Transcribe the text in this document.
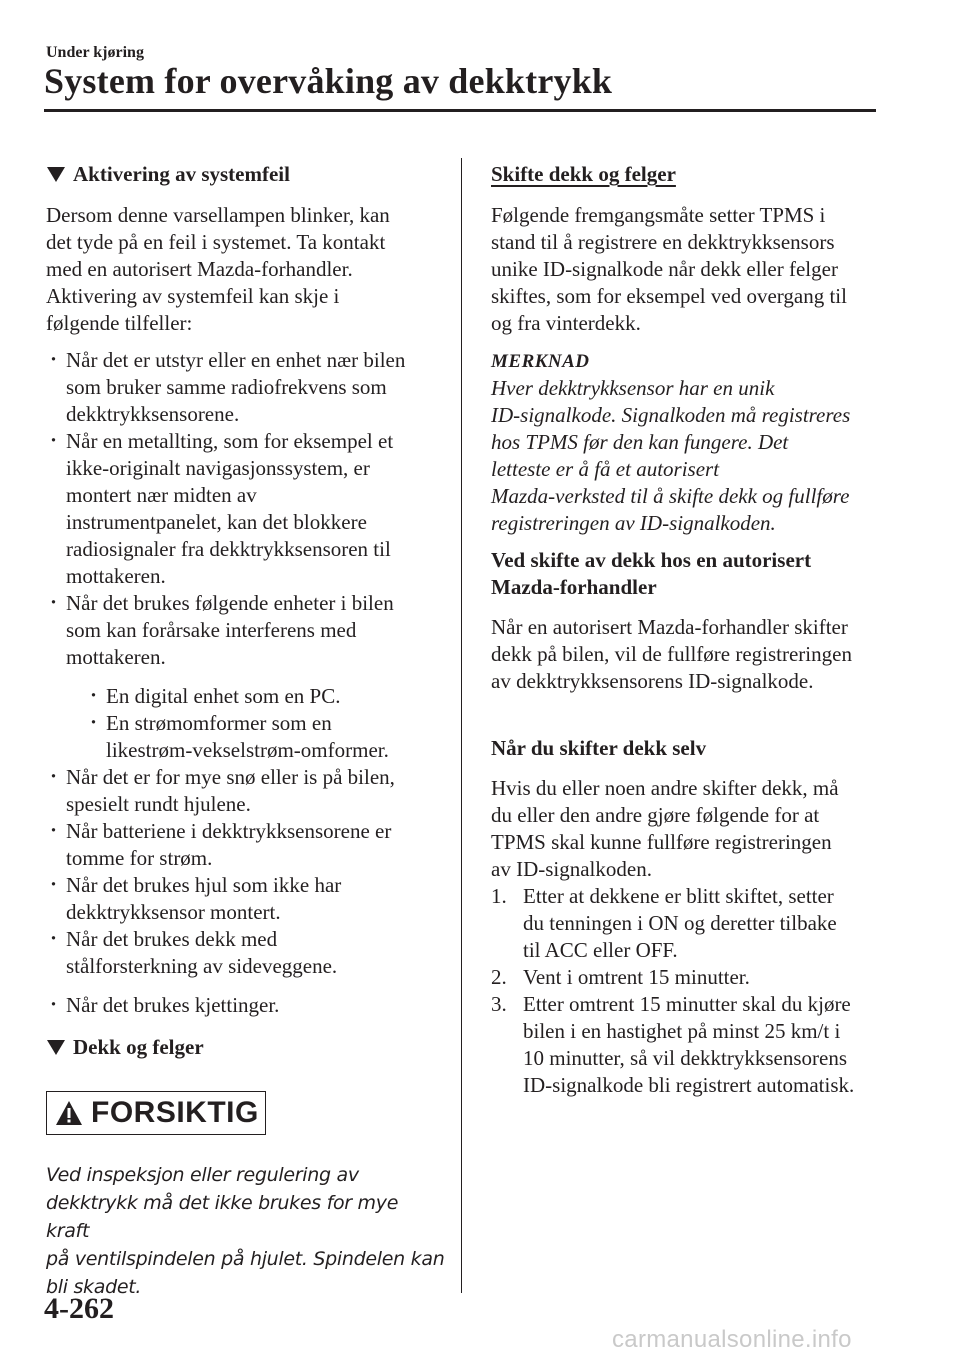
Under kjøring
System for overvåking av dekktrykk
Aktivering av systemfeil

Dersom denne varsellampen blinker, kan
det tyde på en feil i systemet. Ta kontakt
med en autorisert Mazda-forhandler.
Aktivering av systemfeil kan skje i
følgende tilfeller:

· Når det er utstyr eller en enhet nær bilen
som bruker samme radiofrekvens som
dekktrykksensorene.
· Når en metallting, som for eksempel et
ikke-originalt navigasjonssystem, er
montert nær midten av
instrumentpanelet, kan det blokkere
radiosignaler fra dekktrykksensoren til
mottakeren.
· Når det brukes følgende enheter i bilen
som kan forårsake interferens med
mottakeren.
· En digital enhet som en PC.
· En strømomformer som en
likestrøm-vekselstrøm-omformer.
· Når det er for mye snø eller is på bilen,
spesielt rundt hjulene.
· Når batteriene i dekktrykksensorene er
tomme for strøm.
· Når det brukes hjul som ikke har
dekktrykksensor montert.
· Når det brukes dekk med
stålforsterkning av sideveggene.
· Når det brukes kjettinger.
Dekk og felger
FORSIKTIG

Ved inspeksjon eller regulering av
dekktrykk må det ikke brukes for mye kraft
på ventilspindelen på hjulet. Spindelen kan
bli skadet.

Skifte dekk og felger

Følgende fremgangsmåte setter TPMS i
stand til å registrere en dekktrykksensors
unike ID-signalkode når dekk eller felger
skiftes, som for eksempel ved overgang til
og fra vinterdekk.

MERKNAD

Hver dekktrykksensor har en unik
ID-signalkode. Signalkoden må registreres
hos TPMS før den kan fungere. Det
letteste er å få et autorisert
Mazda-verksted til å skifte dekk og fullføre
registreringen av ID-signalkoden.

Ved skifte av dekk hos en autorisert
Mazda-forhandler

Når en autorisert Mazda-forhandler skifter
dekk på bilen, vil de fullføre registreringen
av dekktrykksensorens ID-signalkode.

Når du skifter dekk selv

Hvis du eller noen andre skifter dekk, må
du eller den andre gjøre følgende for at
TPMS skal kunne fullføre registreringen
av ID-signalkoden.

1. Etter at dekkene er blitt skiftet, setter
du tenningen i ON og deretter tilbake
til ACC eller OFF.
2. Vent i omtrent 15 minutter.
3. Etter omtrent 15 minutter skal du kjøre
bilen i en hastighet på minst 25 km/t i
10 minutter, så vil dekktrykksensorens
ID-signalkode bli registrert automatisk.
4-262
carmanualsonline.info
